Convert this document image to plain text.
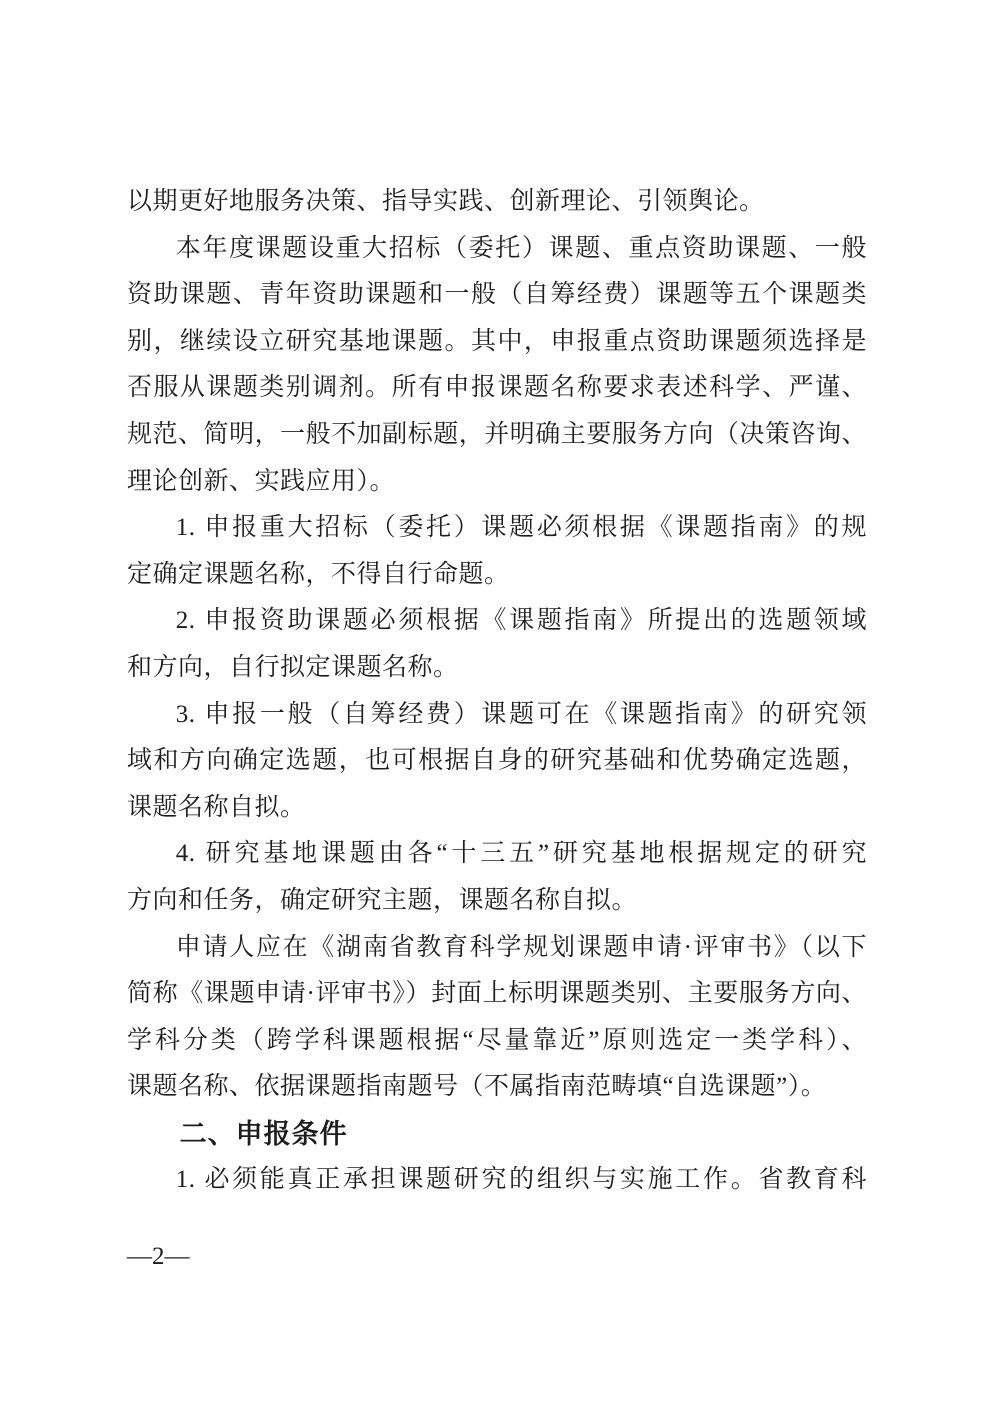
以期更好地服务决策、指导实践、创新理论、引领舆论。
本年度课题设重大招标（委托）课题、重点资助课题、一般
资助课题、青年资助课题和一般（自筹经费）课题等五个课题类
别，继续设立研究基地课题。其中，申报重点资助课题须选择是
否服从课题类别调剂。所有申报课题名称要求表述科学、严谨、
规范、简明，一般不加副标题，并明确主要服务方向（决策咨询、
理论创新、实践应用）。
1. 申报重大招标（委托）课题必须根据《课题指南》的规
定确定课题名称，不得自行命题。
2. 申报资助课题必须根据《课题指南》所提出的选题领域
和方向，自行拟定课题名称。
3. 申报一般（自筹经费）课题可在《课题指南》的研究领
域和方向确定选题，也可根据自身的研究基础和优势确定选题，
课题名称自拟。
4. 研究基地课题由各“十三五”研究基地根据规定的研究
方向和任务，确定研究主题，课题名称自拟。
申请人应在《湖南省教育科学规划课题申请·评审书》（以下
简称《课题申请·评审书》）封面上标明课题类别、主要服务方向、
学科分类（跨学科课题根据“尽量靠近”原则选定一类学科）、
课题名称、依据课题指南题号（不属指南范畴填“自选课题”）。
二、申报条件
1. 必须能真正承担课题研究的组织与实施工作。省教育科
—2—
